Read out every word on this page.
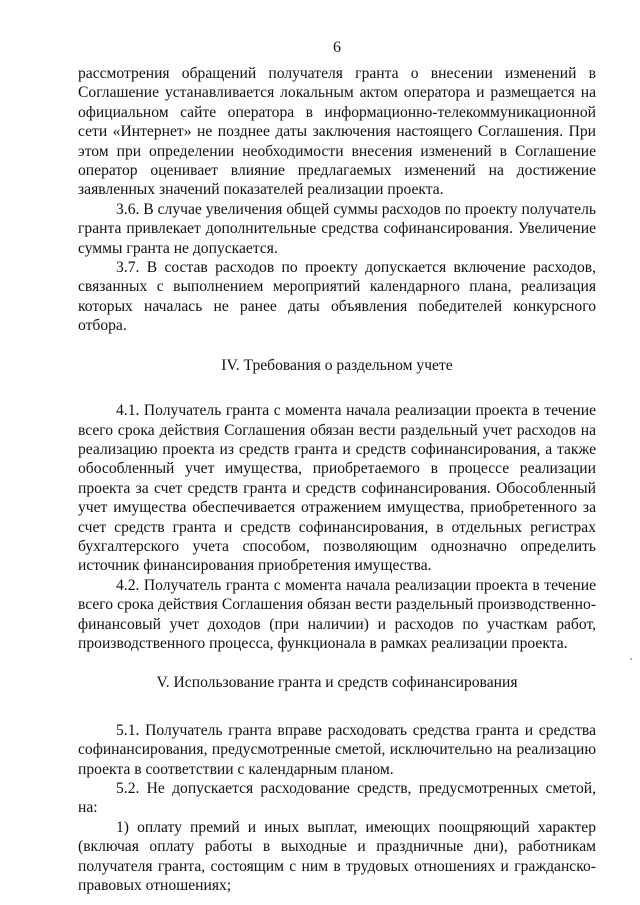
6

рассмотрения обращений получателя гранта о внесении изменений в Соглашение устанавливается локальным актом оператора и размещается на официальном сайте оператора в информационно-телекоммуникационной сети «Интернет» не позднее даты заключения настоящего Соглашения. При этом при определении необходимости внесения изменений в Соглашение оператор оценивает влияние предлагаемых изменений на достижение заявленных значений показателей реализации проекта.

3.6. В случае увеличения общей суммы расходов по проекту получатель гранта привлекает дополнительные средства софинансирования. Увеличение суммы гранта не допускается.

3.7. В состав расходов по проекту допускается включение расходов, связанных с выполнением мероприятий календарного плана, реализация которых началась не ранее даты объявления победителей конкурсного отбора.

IV. Требования о раздельном учете

4.1. Получатель гранта с момента начала реализации проекта в течение всего срока действия Соглашения обязан вести раздельный учет расходов на реализацию проекта из средств гранта и средств софинансирования, а также обособленный учет имущества, приобретаемого в процессе реализации проекта за счет средств гранта и средств софинансирования. Обособленный учет имущества обеспечивается отражением имущества, приобретенного за счет средств гранта и средств софинансирования, в отдельных регистрах бухгалтерского учета способом, позволяющим однозначно определить источник финансирования приобретения имущества.

4.2. Получатель гранта с момента начала реализации проекта в течение всего срока действия Соглашения обязан вести раздельный производственно-финансовый учет доходов (при наличии) и расходов по участкам работ, производственного процесса, функционала в рамках реализации проекта.

V. Использование гранта и средств софинансирования

5.1. Получатель гранта вправе расходовать средства гранта и средства софинансирования, предусмотренные сметой, исключительно на реализацию проекта в соответствии с календарным планом.

5.2. Не допускается расходование средств, предусмотренных сметой, на:

1) оплату премий и иных выплат, имеющих поощряющий характер (включая оплату работы в выходные и праздничные дни), работникам получателя гранта, состоящим с ним в трудовых отношениях и гражданско-правовых отношениях;
